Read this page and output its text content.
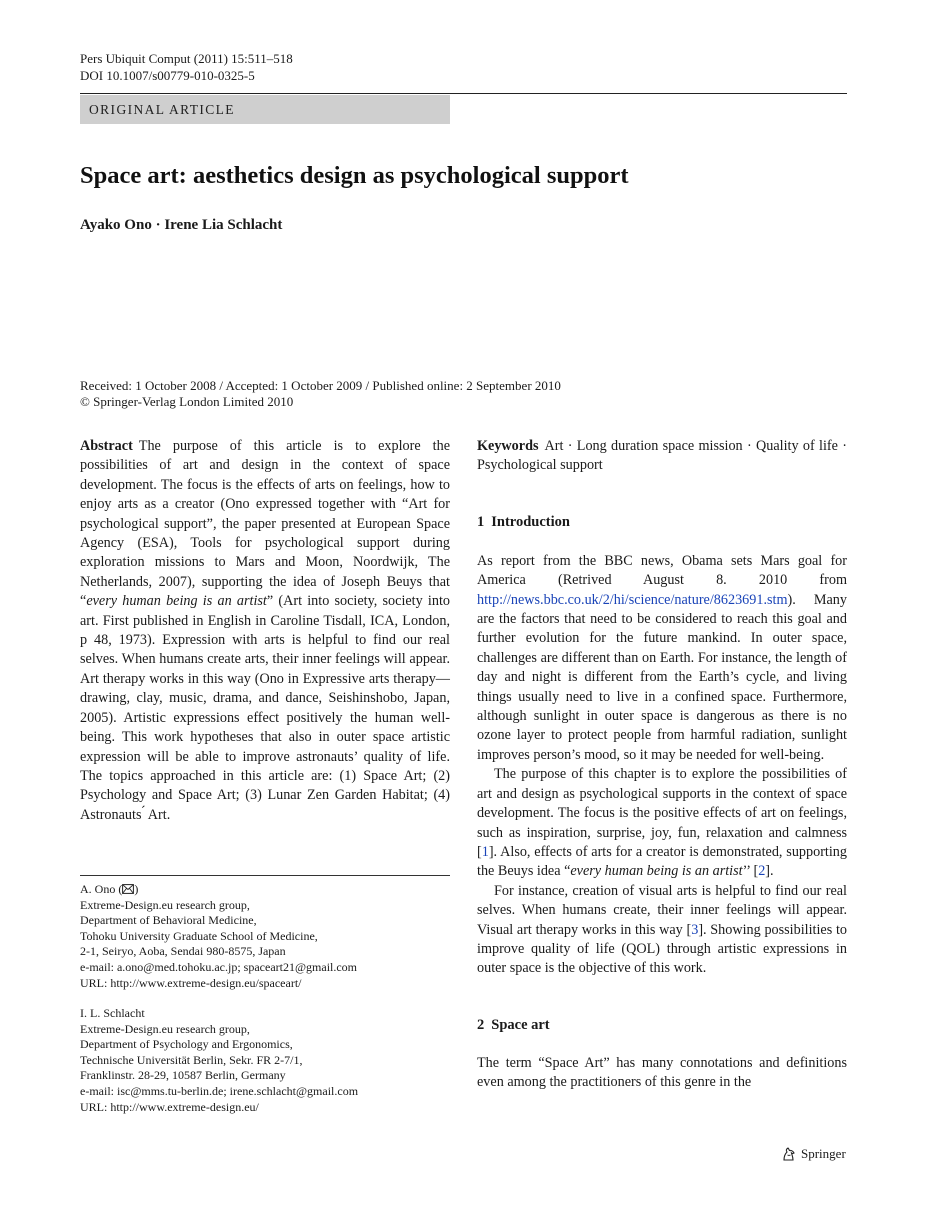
Pers Ubiquit Comput (2011) 15:511–518
DOI 10.1007/s00779-010-0325-5
ORIGINAL ARTICLE
Space art: aesthetics design as psychological support
Ayako Ono · Irene Lia Schlacht
Received: 1 October 2008 / Accepted: 1 October 2009 / Published online: 2 September 2010
© Springer-Verlag London Limited 2010

Abstract The purpose of this article is to explore the possibilities of art and design in the context of space development. The focus is the effects of arts on feelings, how to enjoy arts as a creator (Ono expressed together with “Art for psychological support”, the paper presented at European Space Agency (ESA), Tools for psychological support during exploration missions to Mars and Moon, Noordwijk, The Netherlands, 2007), supporting the idea of Joseph Beuys that “every human being is an artist” (Art into society, society into art. First published in English in Caroline Tisdall, ICA, London, p 48, 1973). Expression with arts is helpful to find our real selves. When humans create arts, their inner feelings will appear. Art therapy works in this way (Ono in Expressive arts therapy—drawing, clay, music, drama, and dance, Seishinshobo, Japan, 2005). Artistic expressions effect positively the human well-being. This work hypotheses that also in outer space artistic expression will be able to improve astronauts’ quality of life. The topics approached in this article are: (1) Space Art; (2) Psychology and Space Art; (3) Lunar Zen Garden Habitat; (4) Astronauts ́ Art.

A. Ono ( )
Extreme-Design.eu research group,
Department of Behavioral Medicine,
Tohoku University Graduate School of Medicine,
2-1, Seiryo, Aoba, Sendai 980-8575, Japan
e-mail: a.ono@med.tohoku.ac.jp; spaceart21@gmail.com
URL: http://www.extreme-design.eu/spaceart/
I. L. Schlacht
Extreme-Design.eu research group,
Department of Psychology and Ergonomics,
Technische Universität Berlin, Sekr. FR 2-7/1,
Franklinstr. 28-29, 10587 Berlin, Germany
e-mail: isc@mms.tu-berlin.de; irene.schlacht@gmail.com
URL: http://www.extreme-design.eu/

Keywords Art · Long duration space mission · Quality of life · Psychological support

1 Introduction

As report from the BBC news, Obama sets Mars goal for America (Retrived August 8. 2010 from http://news.bbc.co.uk/2/hi/science/nature/8623691.stm). Many are the factors that need to be considered to reach this goal and further evolution for the future mankind. In outer space, challenges are different than on Earth. For instance, the length of day and night is different from the Earth’s cycle, and living things usually need to live in a confined space. Furthermore, although sunlight in outer space is dangerous as there is no ozone layer to protect people from harmful radiation, sunlight improves person’s mood, so it may be needed for well-being.

The purpose of this chapter is to explore the possibilities of art and design as psychological supports in the context of space development. The focus is the positive effects of art on feelings, such as inspiration, surprise, joy, fun, relaxation and calmness [1]. Also, effects of arts for a creator is demonstrated, supporting the Beuys idea “every human being is an artist’’ [2].

For instance, creation of visual arts is helpful to find our real selves. When humans create, their inner feelings will appear. Visual art therapy works in this way [3]. Showing possibilities to improve quality of life (QOL) through artistic expressions in outer space is the objective of this work.

2 Space art

The term “Space Art” has many connotations and definitions even among the practitioners of this genre in the

Springer
